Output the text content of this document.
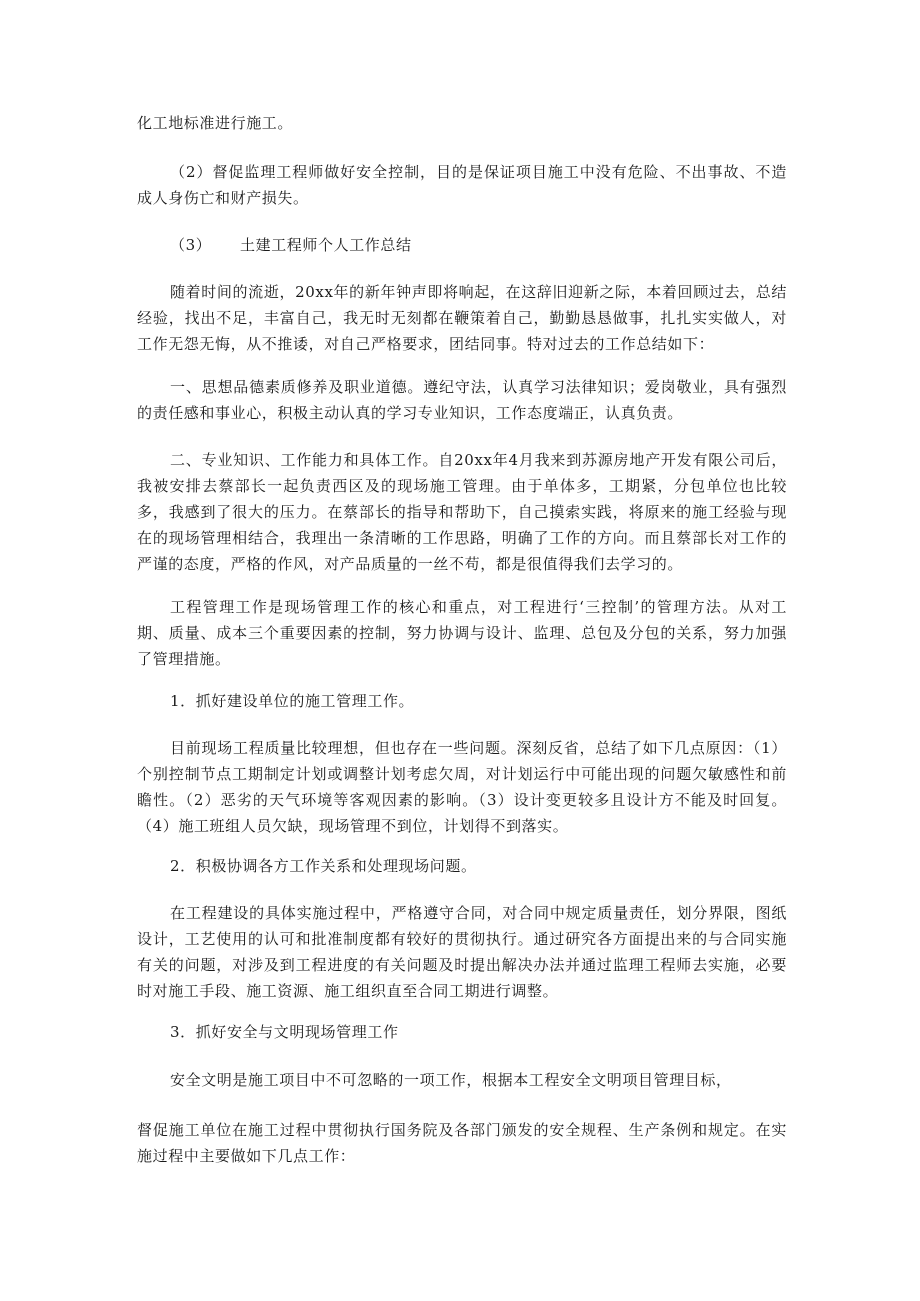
化工地标准进行施工。

（2）督促监理工程师做好安全控制，目的是保证项目施工中没有危险、不出事故、不造成人身伤亡和财产损失。

（3） 土建工程师个人工作总结

随着时间的流逝，20xx年的新年钟声即将响起，在这辞旧迎新之际，本着回顾过去，总结经验，找出不足，丰富自己，我无时无刻都在鞭策着自己，勤勤恳恳做事，扎扎实实做人，对工作无怨无悔，从不推诿，对自己严格要求，团结同事。特对过去的工作总结如下：

一、思想品德素质修养及职业道德。遵纪守法，认真学习法律知识；爱岗敬业，具有强烈的责任感和事业心，积极主动认真的学习专业知识，工作态度端正，认真负责。

二、专业知识、工作能力和具体工作。自20xx年4月我来到苏源房地产开发有限公司后，我被安排去蔡部长一起负责西区及的现场施工管理。由于单体多，工期紧，分包单位也比较多，我感到了很大的压力。在蔡部长的指导和帮助下，自己摸索实践，将原来的施工经验与现在的现场管理相结合，我理出一条清晰的工作思路，明确了工作的方向。而且蔡部长对工作的严谨的态度，严格的作风，对产品质量的一丝不苟，都是很值得我们去学习的。

工程管理工作是现场管理工作的核心和重点，对工程进行‘三控制’的管理方法。从对工期、质量、成本三个重要因素的控制，努力协调与设计、监理、总包及分包的关系，努力加强了管理措施。

1．抓好建设单位的施工管理工作。

目前现场工程质量比较理想，但也存在一些问题。深刻反省，总结了如下几点原因：（1）个别控制节点工期制定计划或调整计划考虑欠周，对计划运行中可能出现的问题欠敏感性和前瞻性。（2）恶劣的天气环境等客观因素的影响。（3）设计变更较多且设计方不能及时回复。（4）施工班组人员欠缺，现场管理不到位，计划得不到落实。

2．积极协调各方工作关系和处理现场问题。

在工程建设的具体实施过程中，严格遵守合同，对合同中规定质量责任，划分界限，图纸设计，工艺使用的认可和批准制度都有较好的贯彻执行。通过研究各方面提出来的与合同实施有关的问题，对涉及到工程进度的有关问题及时提出解决办法并通过监理工程师去实施，必要时对施工手段、施工资源、施工组织直至合同工期进行调整。

3．抓好安全与文明现场管理工作

安全文明是施工项目中不可忽略的一项工作，根据本工程安全文明项目管理目标，

督促施工单位在施工过程中贯彻执行国务院及各部门颁发的安全规程、生产条例和规定。在实施过程中主要做如下几点工作：
